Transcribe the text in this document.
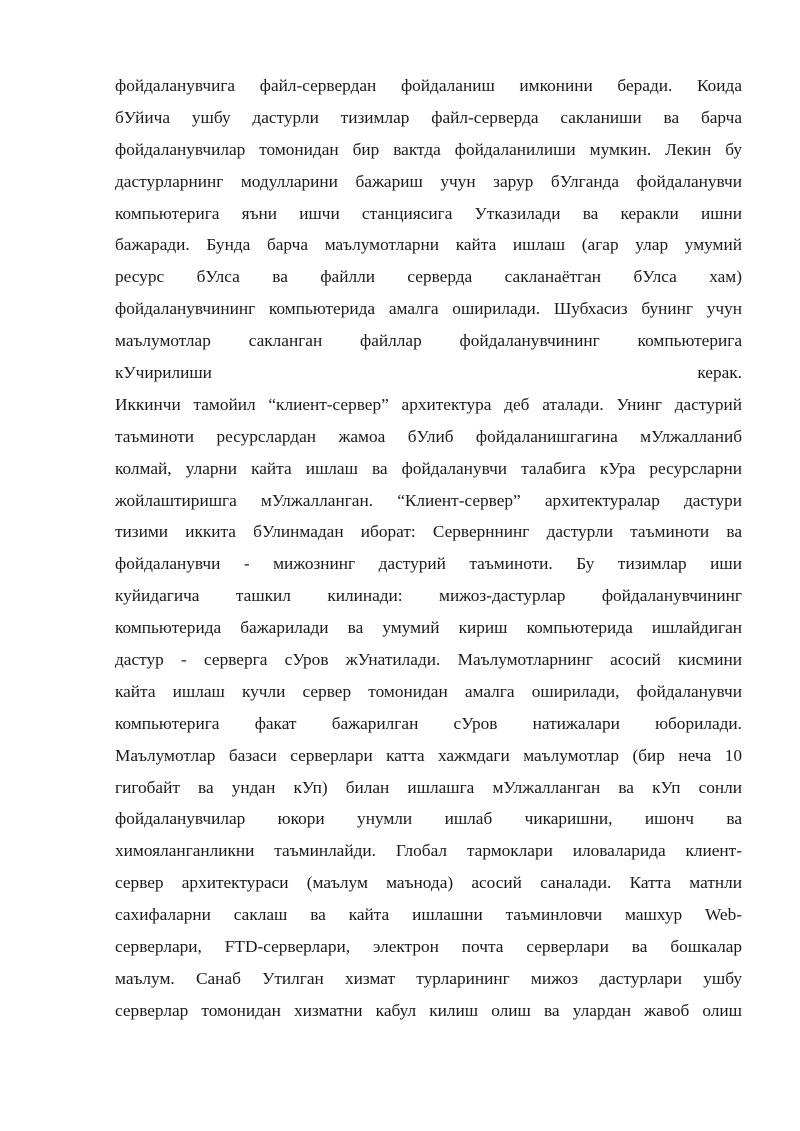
фойдаланувчига файл-сервердан фойдаланиш имконини беради. Коида
бУйича ушбу дастурли тизимлар файл-серверда сакланиши ва барча
фойдаланувчилар томонидан бир вактда фойдаланилиши мумкин. Лекин бу
дастурларнинг модулларини бажариш учун зарур бУлганда фойдаланувчи
компьютерига яъни ишчи станциясига Утказилади ва керакли ишни
бажаради. Бунда барча маълумотларни кайта ишлаш (агар улар умумий
ресурс бУлса ва файлли серверда сакланаётган бУлса хам)
фойдаланувчининг компьютерида амалга оширилади. Шубхасиз бунинг учун
маълумотлар сакланган файллар фойдаланувчининг компьютерига
кУчирилиши керак.
Иккинчи тамойил “клиент-сервер” архитектура деб аталади. Унинг дастурий
таъминоти ресурслардан жамоа бУлиб фойдаланишгагина мУлжалланиб
колмай, уларни кайта ишлаш ва фойдаланувчи талабига кУра ресурсларни
жойлаштиришга мУлжалланган. “Клиент-сервер” архитектуралар дастури
тизими иккита бУлинмадан иборат: Серверннинг дастурли таъминоти ва
фойдаланувчи - мижознинг дастурий таъминоти. Бу тизимлар иши
куйидагича ташкил килинади: мижоз-дастурлар фойдаланувчининг
компьютерида бажарилади ва умумий кириш компьютерида ишлайдиган
дастур - серверга сУров жУнатилади. Маълумотларнинг асосий кисмини
кайта ишлаш кучли сервер томонидан амалга оширилади, фойдаланувчи
компьютерига факат бажарилган сУров натижалари юборилади.
Маълумотлар базаси серверлари катта хажмдаги маълумотлар (бир неча 10
гигобайт ва ундан кУп) билан ишлашга мУлжалланган ва кУп сонли
фойдаланувчилар юкори унумли ишлаб чикаришни, ишонч ва
химояланганликни таъминлайди. Глобал тармоклари иловаларида клиент-
сервер архитектураси (маълум маънода) асосий саналади. Катта матнли
сахифаларни саклаш ва кайта ишлашни таъминловчи машхур Web-
серверлари, FTD-серверлари, электрон почта серверлари ва бошкалар
маълум. Санаб Утилган хизмат турларининг мижоз дастурлари ушбу
серверлар томонидан хизматни кабул килиш олиш ва улардан жавоб олиш
